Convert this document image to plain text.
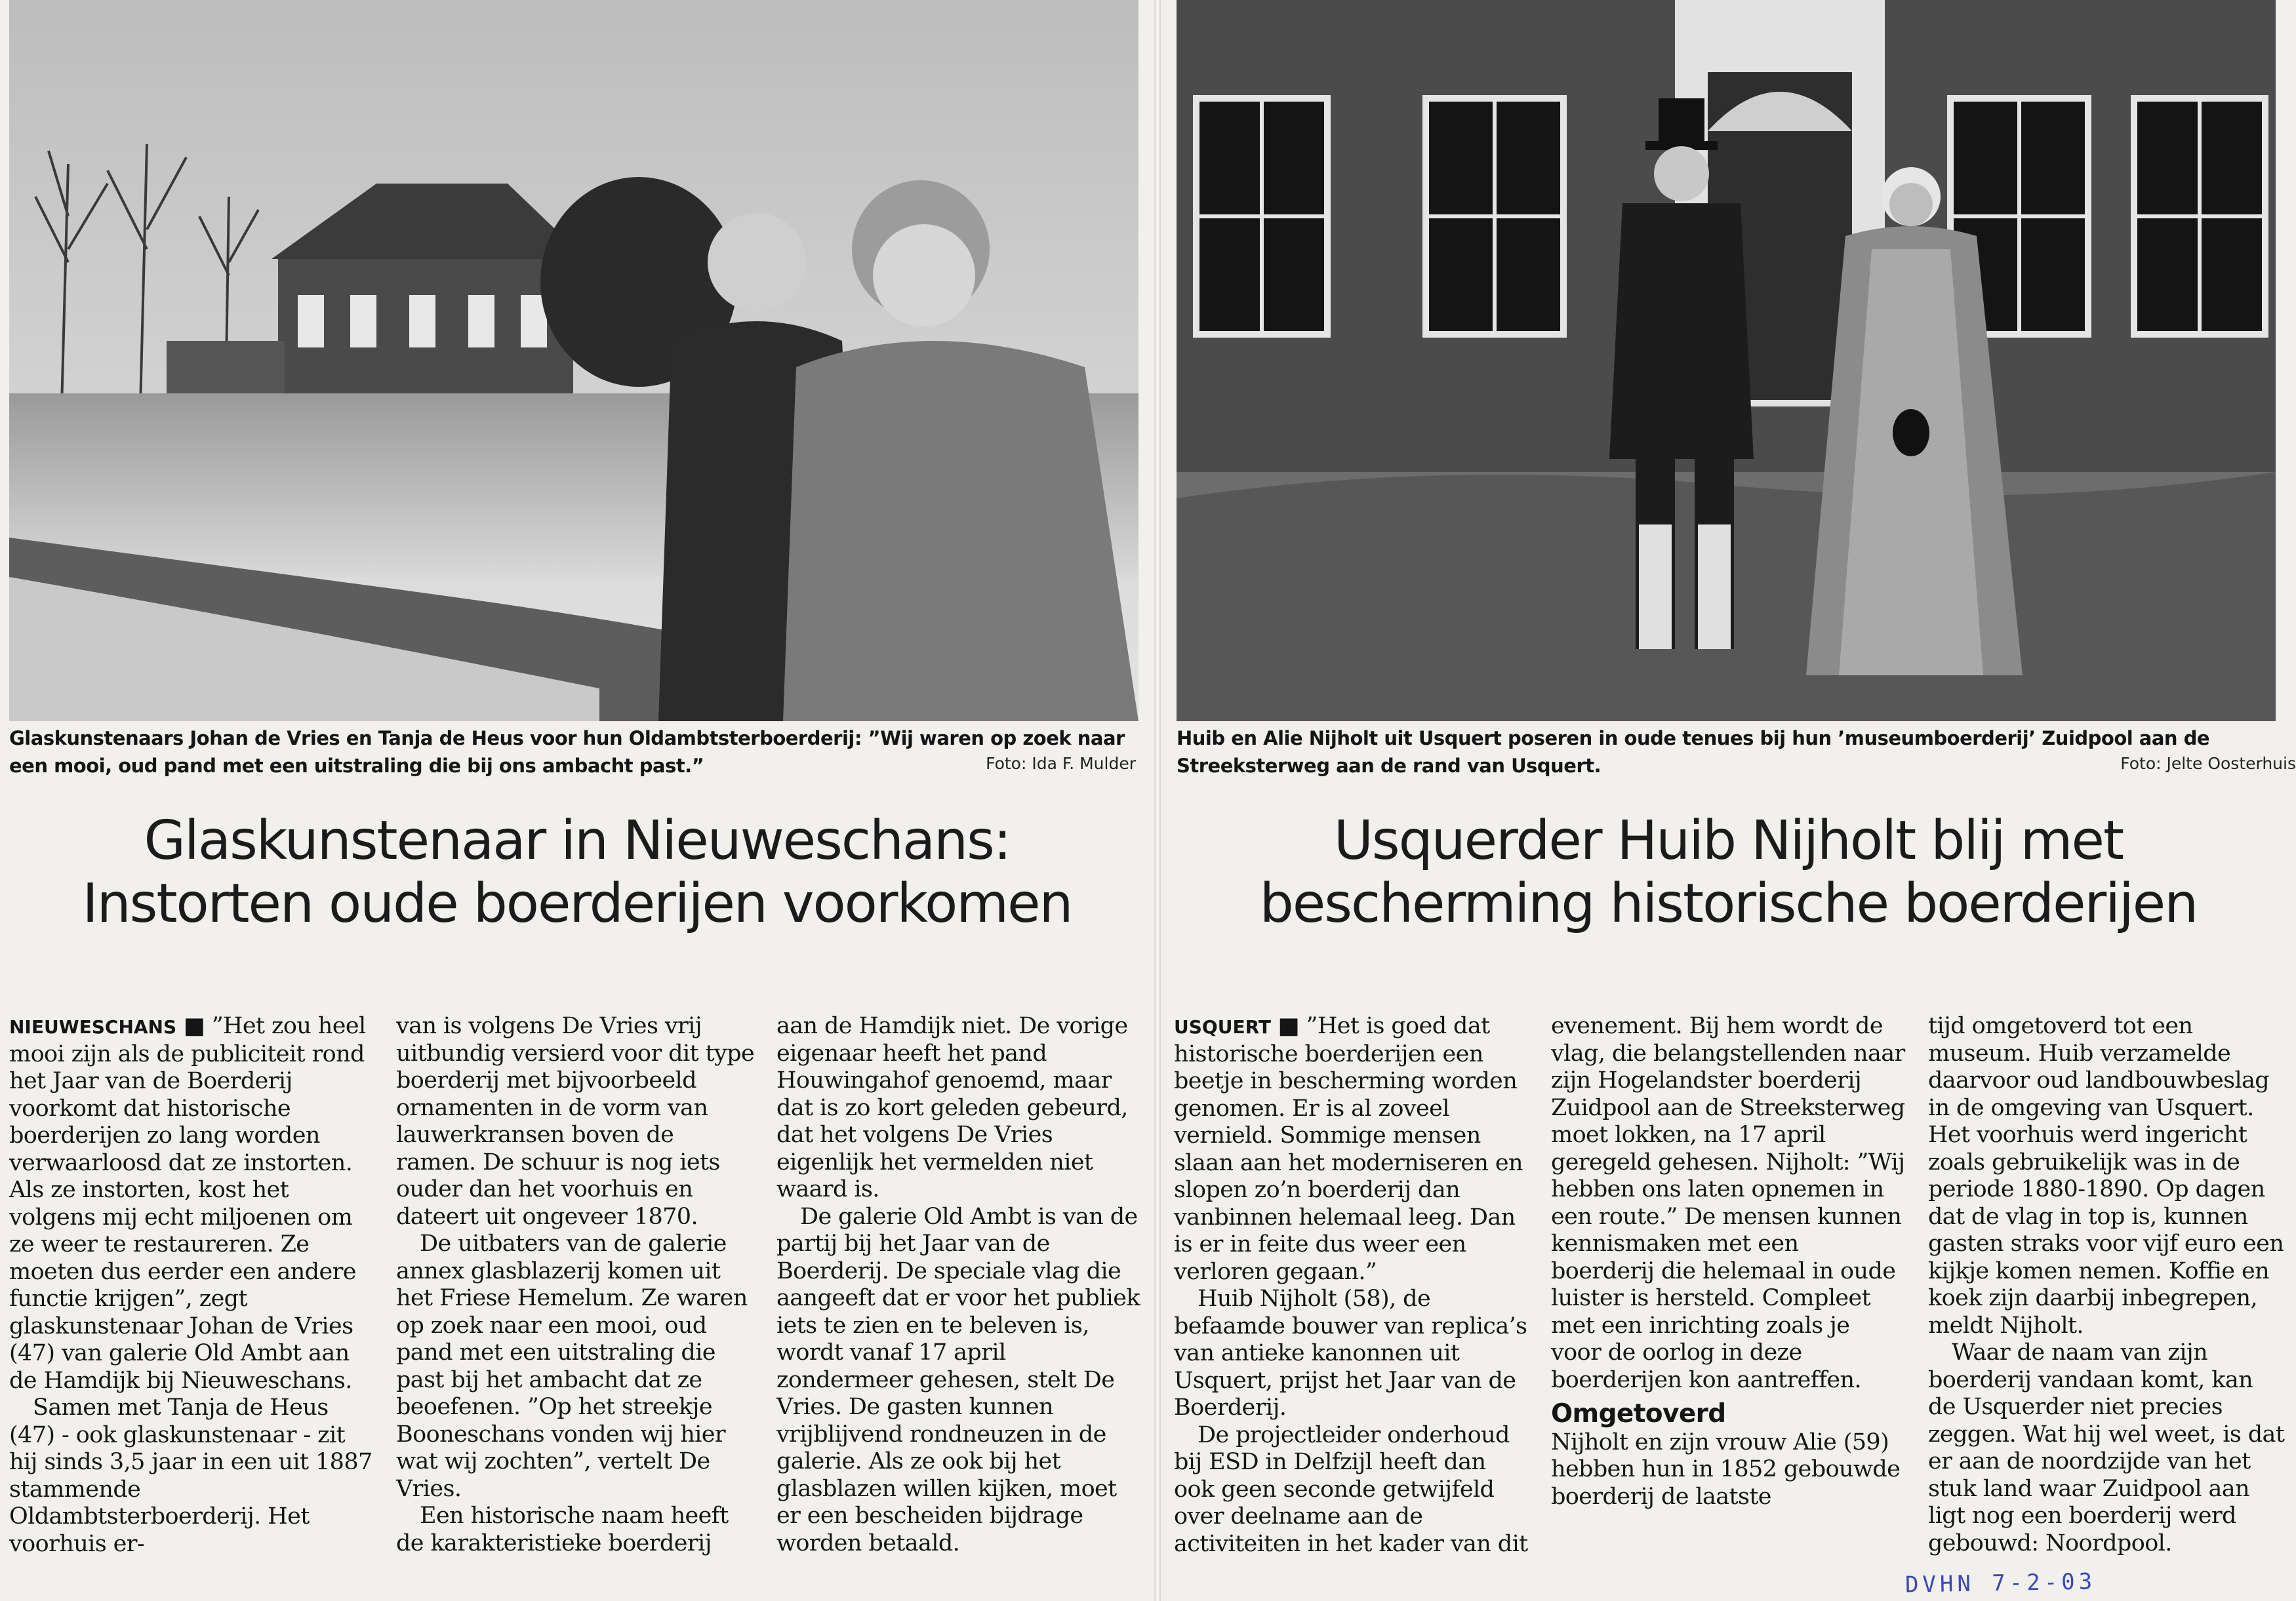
Glaskunstenaars Johan de Vries en Tanja de Heus voor hun Oldambtsterboerderij: ”Wij waren op zoek naar een mooi, oud pand met een uitstraling die bij ons ambacht past.”	Foto: Ida F. Mulder
Glaskunstenaar in Nieuweschans:
Instorten oude boerderijen voorkomen

NIEUWESCHANS ■ ”Het zou heel mooi zijn als de publiciteit rond het Jaar van de Boerderij voorkomt dat historische boerderijen zo lang worden verwaarloosd dat ze instorten. Als ze instorten, kost het volgens mij echt miljoenen om ze weer te restaureren. Ze moeten dus eerder een andere functie krijgen”, zegt glaskunstenaar Johan de Vries (47) van galerie Old Ambt aan de Hamdijk bij Nieuweschans.

Samen met Tanja de Heus (47) - ook glaskunstenaar - zit hij sinds 3,5 jaar in een uit 1887 stammende Oldambtsterboerderij. Het voorhuis er-

van is volgens De Vries vrij uitbundig versierd voor dit type boerderij met bijvoorbeeld ornamenten in de vorm van lauwerkransen boven de ramen. De schuur is nog iets ouder dan het voorhuis en dateert uit ongeveer 1870.

De uitbaters van de galerie annex glasblazerij komen uit het Friese Hemelum. Ze waren op zoek naar een mooi, oud pand met een uitstraling die past bij het ambacht dat ze beoefenen. ”Op het streekje Booneschans vonden wij hier wat wij zochten”, vertelt De Vries.

Een historische naam heeft de karakteristieke boerderij

aan de Hamdijk niet. De vorige eigenaar heeft het pand Houwingahof genoemd, maar dat is zo kort geleden gebeurd, dat het volgens De Vries eigenlijk het vermelden niet waard is.

De galerie Old Ambt is van de partij bij het Jaar van de Boerderij. De speciale vlag die aangeeft dat er voor het publiek iets te zien en te beleven is, wordt vanaf 17 april zondermeer gehesen, stelt De Vries. De gasten kunnen vrijblijvend rondneuzen in de galerie. Als ze ook bij het glasblazen willen kijken, moet er een bescheiden bijdrage worden betaald.

Huib en Alie Nijholt uit Usquert poseren in oude tenues bij hun ’museumboerderij’ Zuidpool aan de Streeksterweg aan de rand van Usquert.	Foto: Jelte Oosterhuis
Usquerder Huib Nijholt blij met
bescherming historische boerderijen

USQUERT ■ ”Het is goed dat historische boerderijen een beetje in bescherming worden genomen. Er is al zoveel vernield. Sommige mensen slaan aan het moderniseren en slopen zo’n boerderij dan vanbinnen helemaal leeg. Dan is er in feite dus weer een verloren gegaan.”

Huib Nijholt (58), de befaamde bouwer van replica’s van antieke kanonnen uit Usquert, prijst het Jaar van de Boerderij.

De projectleider onderhoud bij ESD in Delfzijl heeft dan ook geen seconde getwijfeld over deelname aan de activiteiten in het kader van dit

evenement. Bij hem wordt de vlag, die belangstellenden naar zijn Hogelandster boerderij Zuidpool aan de Streeksterweg moet lokken, na 17 april geregeld gehesen. Nijholt: ”Wij hebben ons laten opnemen in een route.” De mensen kunnen kennismaken met een boerderij die helemaal in oude luister is hersteld. Compleet met een inrichting zoals je voor de oorlog in deze boerderijen kon aantreffen.

Omgetoverd

Nijholt en zijn vrouw Alie (59) hebben hun in 1852 gebouwde boerderij de laatste

tijd omgetoverd tot een museum. Huib verzamelde daarvoor oud landbouwbeslag in de omgeving van Usquert. Het voorhuis werd ingericht zoals gebruikelijk was in de periode 1880-1890. Op dagen dat de vlag in top is, kunnen gasten straks voor vijf euro een kijkje komen nemen. Koffie en koek zijn daarbij inbegrepen, meldt Nijholt.

Waar de naam van zijn boerderij vandaan komt, kan de Usquerder niet precies zeggen. Wat hij wel weet, is dat er aan de noordzijde van het stuk land waar Zuidpool aan ligt nog een boerderij werd gebouwd: Noordpool.

DVHN 7-2-03
